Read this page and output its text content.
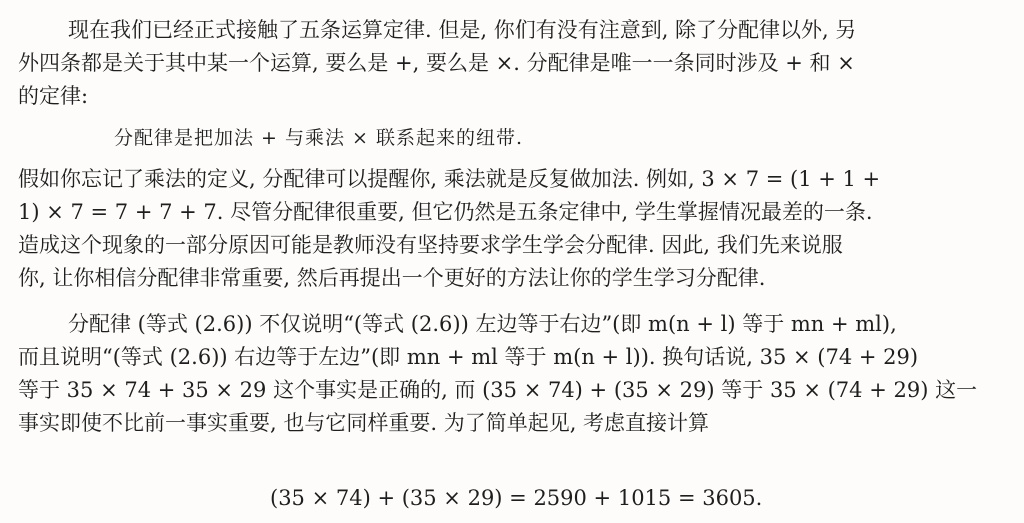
现在我们已经正式接触了五条运算定律. 但是, 你们有没有注意到, 除了分配律以外, 另
外四条都是关于其中某一个运算, 要么是 +, 要么是 ×. 分配律是唯一一条同时涉及 + 和 ×
的定律:
分配律是把加法 + 与乘法 × 联系起来的纽带.
假如你忘记了乘法的定义, 分配律可以提醒你, 乘法就是反复做加法. 例如, 3 × 7 = (1 + 1 +
1) × 7 = 7 + 7 + 7. 尽管分配律很重要, 但它仍然是五条定律中, 学生掌握情况最差的一条.
造成这个现象的一部分原因可能是教师没有坚持要求学生学会分配律. 因此, 我们先来说服
你, 让你相信分配律非常重要, 然后再提出一个更好的方法让你的学生学习分配律.
分配律 (等式 (2.6)) 不仅说明“(等式 (2.6)) 左边等于右边”(即 m(n + l) 等于 mn + ml),
而且说明“(等式 (2.6)) 右边等于左边”(即 mn + ml 等于 m(n + l)). 换句话说, 35 × (74 + 29)
等于 35 × 74 + 35 × 29 这个事实是正确的, 而 (35 × 74) + (35 × 29) 等于 35 × (74 + 29) 这一
事实即使不比前一事实重要, 也与它同样重要. 为了简单起见, 考虑直接计算
(35 × 74) + (35 × 29) = 2590 + 1015 = 3605.
